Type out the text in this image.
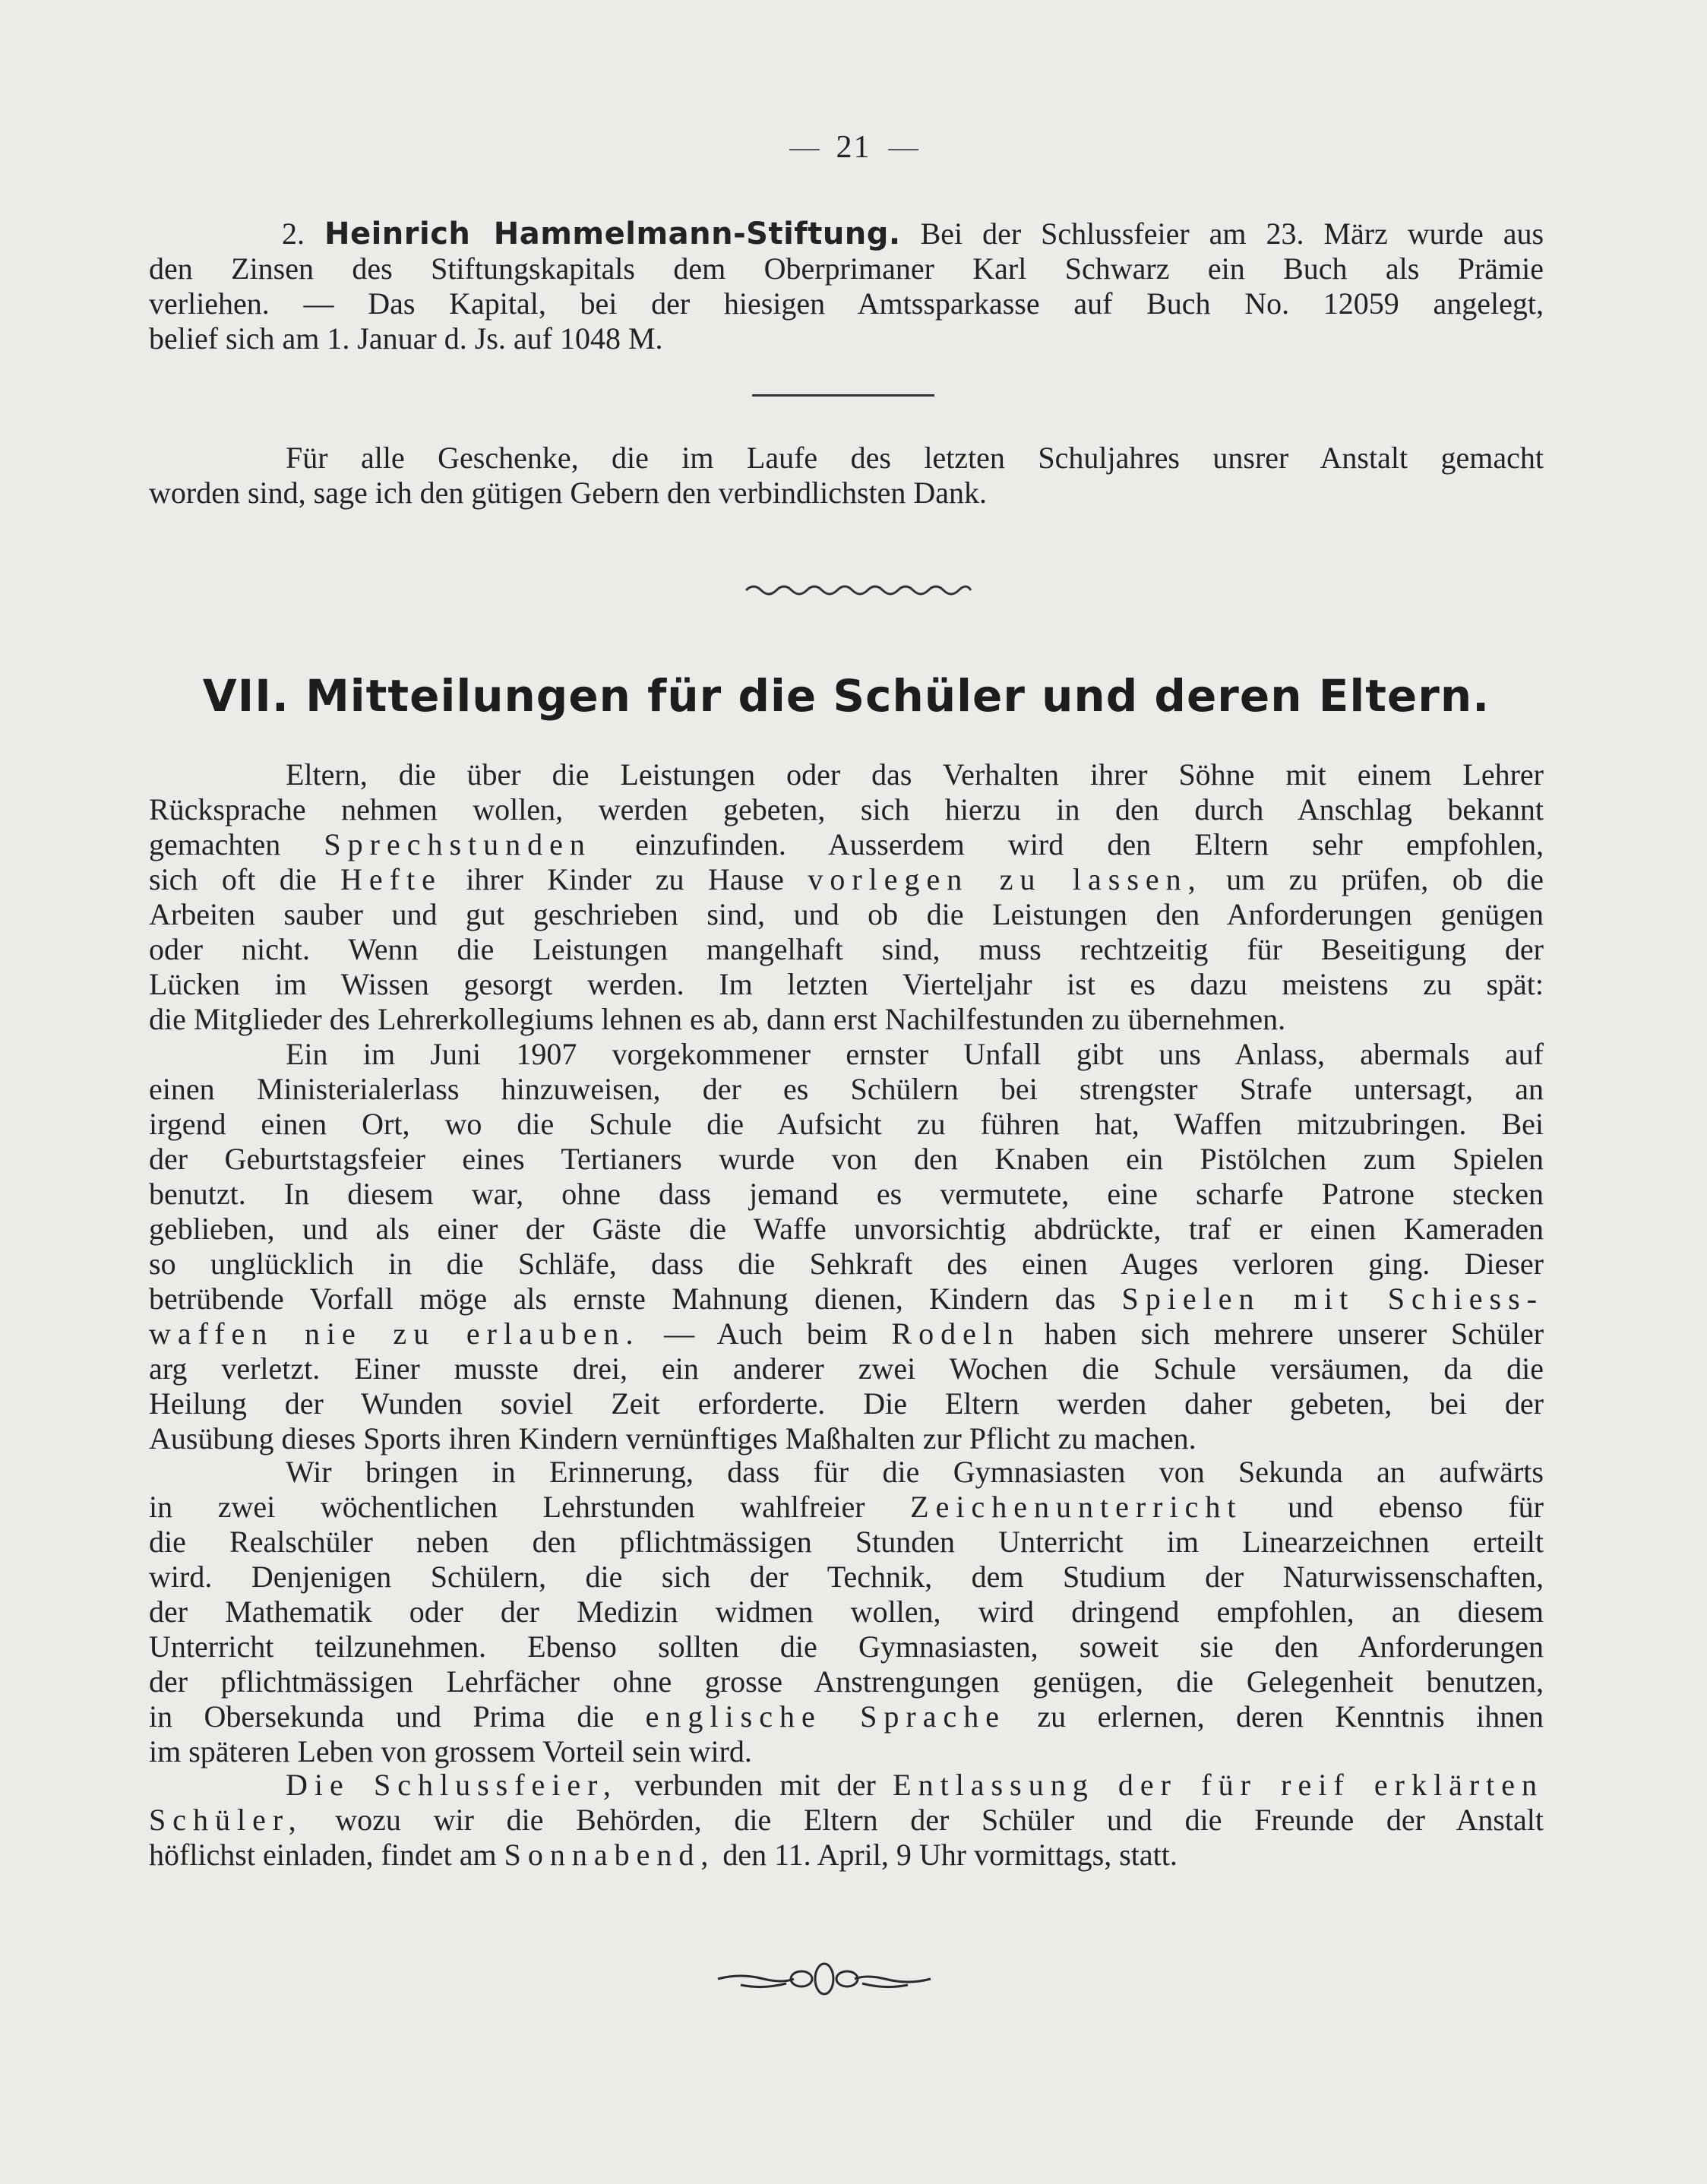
21

2. Heinrich Hammelmann-Stiftung. Bei der Schlussfeier am 23. März wurde aus

den Zinsen des Stiftungskapitals dem Oberprimaner Karl Schwarz ein Buch als Prämie

verliehen. — Das Kapital, bei der hiesigen Amtssparkasse auf Buch No. 12059 angelegt,

belief sich am 1. Januar d. Js. auf 1048 M.

Für alle Geschenke, die im Laufe des letzten Schuljahres unsrer Anstalt gemacht

worden sind, sage ich den gütigen Gebern den verbindlichsten Dank.

VII. Mitteilungen für die Schüler und deren Eltern.

Eltern, die über die Leistungen oder das Verhalten ihrer Söhne mit einem Lehrer

Rücksprache nehmen wollen, werden gebeten, sich hierzu in den durch Anschlag bekannt

gemachten Sprechstunden einzufinden. Ausserdem wird den Eltern sehr empfohlen,

sich oft die Hefte ihrer Kinder zu Hause vorlegen zu lassen, um zu prüfen, ob die

Arbeiten sauber und gut geschrieben sind, und ob die Leistungen den Anforderungen genügen

oder nicht. Wenn die Leistungen mangelhaft sind, muss rechtzeitig für Beseitigung der

Lücken im Wissen gesorgt werden. Im letzten Vierteljahr ist es dazu meistens zu spät:

die Mitglieder des Lehrerkollegiums lehnen es ab, dann erst Nachilfestunden zu übernehmen.

Ein im Juni 1907 vorgekommener ernster Unfall gibt uns Anlass, abermals auf

einen Ministerialerlass hinzuweisen, der es Schülern bei strengster Strafe untersagt, an

irgend einen Ort, wo die Schule die Aufsicht zu führen hat, Waffen mitzubringen. Bei

der Geburtstagsfeier eines Tertianers wurde von den Knaben ein Pistölchen zum Spielen

benutzt. In diesem war, ohne dass jemand es vermutete, eine scharfe Patrone stecken

geblieben, und als einer der Gäste die Waffe unvorsichtig abdrückte, traf er einen Kameraden

so unglücklich in die Schläfe, dass die Sehkraft des einen Auges verloren ging. Dieser

betrübende Vorfall möge als ernste Mahnung dienen, Kindern das Spielen mit Schiess-

waffen nie zu erlauben. — Auch beim Rodeln haben sich mehrere unserer Schüler

arg verletzt. Einer musste drei, ein anderer zwei Wochen die Schule versäumen, da die

Heilung der Wunden soviel Zeit erforderte. Die Eltern werden daher gebeten, bei der

Ausübung dieses Sports ihren Kindern vernünftiges Maßhalten zur Pflicht zu machen.

Wir bringen in Erinnerung, dass für die Gymnasiasten von Sekunda an aufwärts

in zwei wöchentlichen Lehrstunden wahlfreier Zeichenunterricht und ebenso für

die Realschüler neben den pflichtmässigen Stunden Unterricht im Linearzeichnen erteilt

wird. Denjenigen Schülern, die sich der Technik, dem Studium der Naturwissenschaften,

der Mathematik oder der Medizin widmen wollen, wird dringend empfohlen, an diesem

Unterricht teilzunehmen. Ebenso sollten die Gymnasiasten, soweit sie den Anforderungen

der pflichtmässigen Lehrfächer ohne grosse Anstrengungen genügen, die Gelegenheit benutzen,

in Obersekunda und Prima die englische Sprache zu erlernen, deren Kenntnis ihnen

im späteren Leben von grossem Vorteil sein wird.

Die Schlussfeier, verbunden mit der Entlassung der für reif erklärten

Schüler, wozu wir die Behörden, die Eltern der Schüler und die Freunde der Anstalt

höflichst einladen, findet am Sonnabend, den 11. April, 9 Uhr vormittags, statt.
